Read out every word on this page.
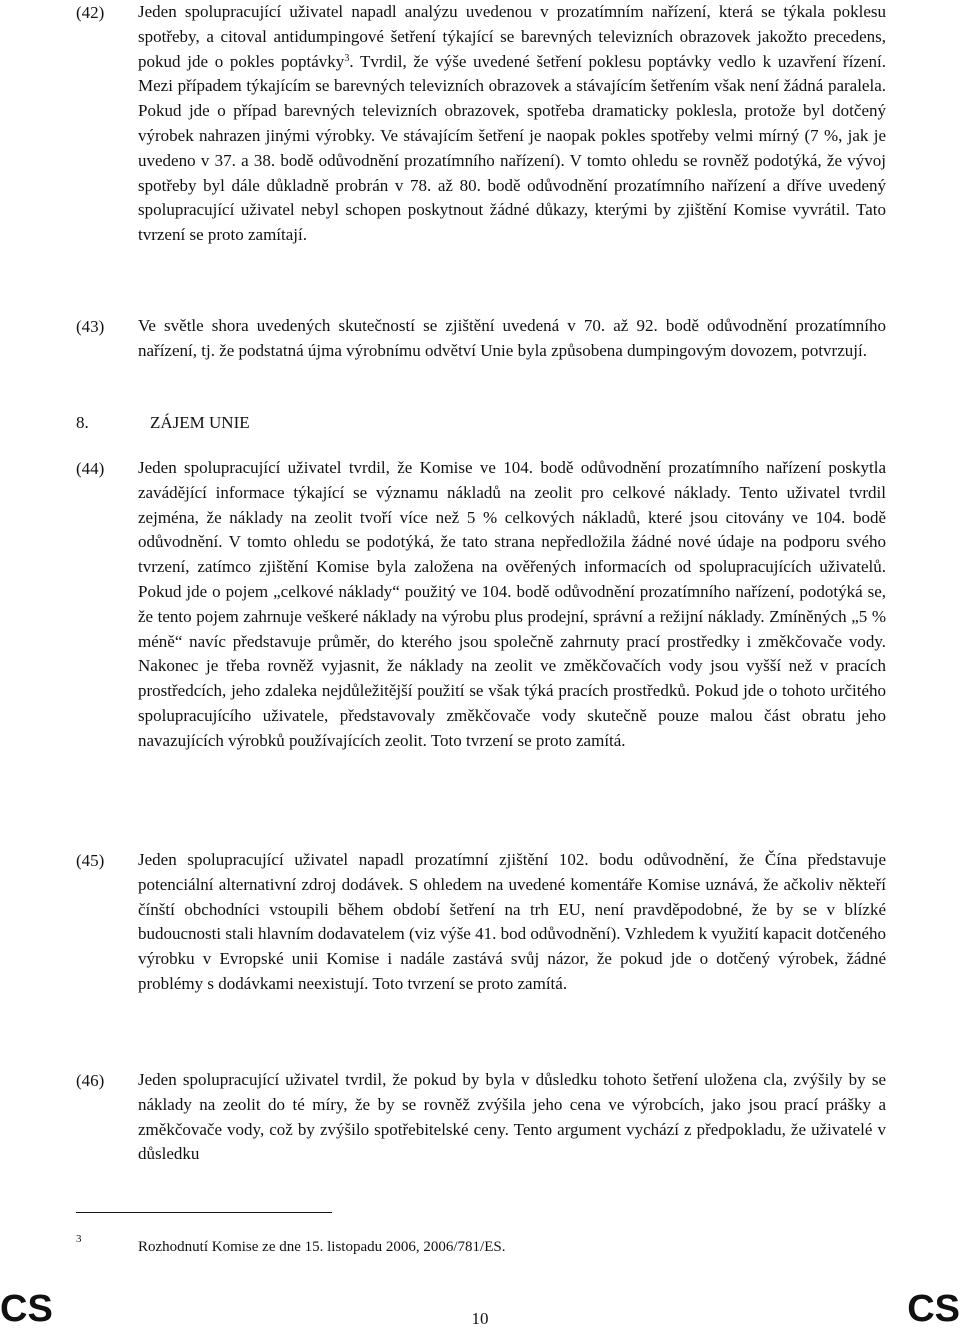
(42) Jeden spolupracující uživatel napadl analýzu uvedenou v prozatímním nařízení, která se týkala poklesu spotřeby, a citoval antidumpingové šetření týkající se barevných televizních obrazovek jakožto precedens, pokud jde o pokles poptávky$^3$. Tvrdil, že výše uvedené šetření poklesu poptávky vedlo k uzavření řízení. Mezi případem týkajícím se barevných televizních obrazovek a stávajícím šetřením však není žádná paralela. Pokud jde o případ barevných televizních obrazovek, spotřeba dramaticky poklesla, protože byl dotčený výrobek nahrazen jinými výrobky. Ve stávajícím šetření je naopak pokles spotřeby velmi mírný (7 %, jak je uvedeno v 37. a 38. bodě odůvodnění prozatímního nařízení). V tomto ohledu se rovněž podotýká, že vývoj spotřeby byl dále důkladně probrán v 78. až 80. bodě odůvodnění prozatímního nařízení a dříve uvedený spolupracující uživatel nebyl schopen poskytnout žádné důkazy, kterými by zjištění Komise vyvrátil. Tato tvrzení se proto zamítají.
(43) Ve světle shora uvedených skutečností se zjištění uvedená v 70. až 92. bodě odůvodnění prozatímního nařízení, tj. že podstatná újma výrobnímu odvětví Unie byla způsobena dumpingovým dovozem, potvrzují.
8.	ZÁJEM UNIE
(44) Jeden spolupracující uživatel tvrdil, že Komise ve 104. bodě odůvodnění prozatímního nařízení poskytla zavádějící informace týkající se významu nákladů na zeolit pro celkové náklady. Tento uživatel tvrdil zejména, že náklady na zeolit tvoří více než 5 % celkových nákladů, které jsou citovány ve 104. bodě odůvodnění. V tomto ohledu se podotýká, že tato strana nepředložila žádné nové údaje na podporu svého tvrzení, zatímco zjištění Komise byla založena na ověřených informacích od spolupracujících uživatelů. Pokud jde o pojem „celkové náklady“ použitý ve 104. bodě odůvodnění prozatímního nařízení, podotýká se, že tento pojem zahrnuje veškeré náklady na výrobu plus prodejní, správní a režijní náklady. Zmíněných „5 % méně“ navíc představuje průměr, do kterého jsou společně zahrnuty prací prostředky i změkčovače vody. Nakonec je třeba rovněž vyjasnit, že náklady na zeolit ve změkčovačích vody jsou vyšší než v pracích prostředcích, jeho zdaleka nejdůležitější použití se však týká pracích prostředků. Pokud jde o tohoto určitého spolupracujícího uživatele, představovaly změkčovače vody skutečně pouze malou část obratu jeho navazujících výrobků používajících zeolit. Toto tvrzení se proto zamítá.
(45) Jeden spolupracující uživatel napadl prozatímní zjištění 102. bodu odůvodnění, že Čína představuje potenciální alternativní zdroj dodávek. S ohledem na uvedené komentáře Komise uznává, že ačkoliv někteří čínští obchodníci vstoupili během období šetření na trh EU, není pravděpodobné, že by se v blízké budoucnosti stali hlavním dodavatelem (viz výše 41. bod odůvodnění). Vzhledem k využití kapacit dotčeného výrobku v Evropské unii Komise i nadále zastává svůj názor, že pokud jde o dotčený výrobek, žádné problémy s dodávkami neexistují. Toto tvrzení se proto zamítá.
(46) Jeden spolupracující uživatel tvrdil, že pokud by byla v důsledku tohoto šetření uložena cla, zvýšily by se náklady na zeolit do té míry, že by se rovněž zvýšila jeho cena ve výrobcích, jako jsou prací prášky a změkčovače vody, což by zvýšilo spotřebitelské ceny. Tento argument vychází z předpokladu, že uživatelé v důsledku
3	Rozhodnutí Komise ze dne 15. listopadu 2006, 2006/781/ES.
CS	10	CS
